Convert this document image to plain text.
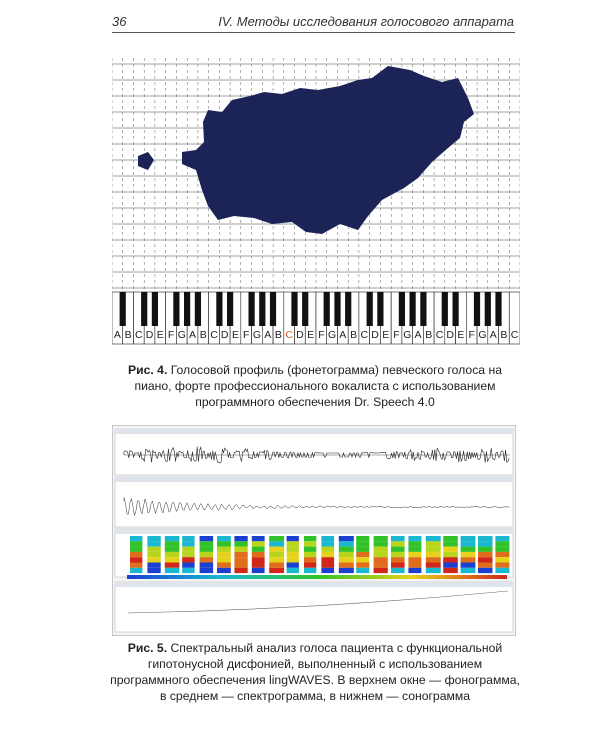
36	IV. Методы исследования голосового аппарата
A B C D E F G A B C D E F G A B C D E F G A B C D E F G A B C D E F G A B C
Рис. 4. Голосовой профиль (фонетограмма) певческого голоса на пиано, форте профессионального вокалиста с использованием программного обеспечения Dr. Speech 4.0
Рис. 5. Спектральный анализ голоса пациента с функциональной гипотонусной дисфонией, выполненный с использованием программного обеспечения lingWAVES. В верхнем окне — фонограмма, в среднем — спектрограмма, в нижнем — сонограмма
